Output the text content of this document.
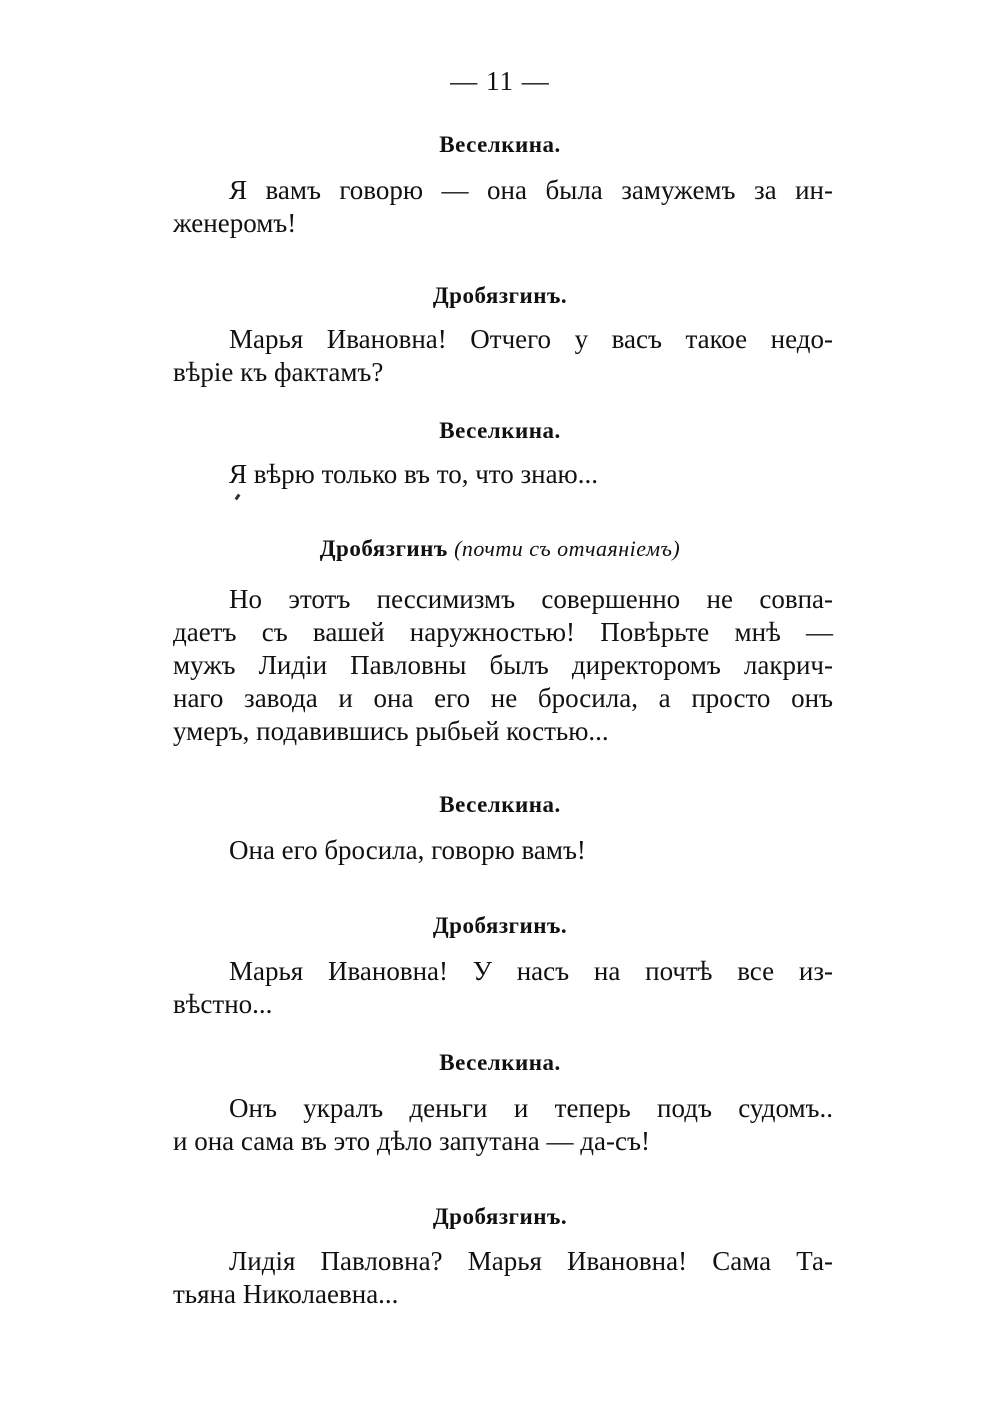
— 11 —
Веселкина.
Я вамъ говорю — она была замужемъ за ин-
женеромъ!
Дробязгинъ.
Марья Ивановна! Отчего у васъ такое недо-
вѣріе къ фактамъ?
Веселкина.
Я вѣрю только въ то, что знаю...
Дробязгинъ (почти съ отчаяніемъ)
Но этотъ пессимизмъ совершенно не совпа-
даетъ съ вашей наружностью! Повѣрьте мнѣ —
мужъ Лидіи Павловны былъ директоромъ лакрич-
наго завода и она его не бросила, а просто онъ
умеръ, подавившись рыбьей костью...
Веселкина.
Она его бросила, говорю вамъ!
Дробязгинъ.
Марья Ивановна! У насъ на почтѣ все из-
вѣстно...
Веселкина.
Онъ укралъ деньги и теперь подъ судомъ..
и она сама въ это дѣло запутана — да-съ!
Дробязгинъ.
Лидія Павловна? Марья Ивановна! Сама Та-
тьяна Николаевна...
